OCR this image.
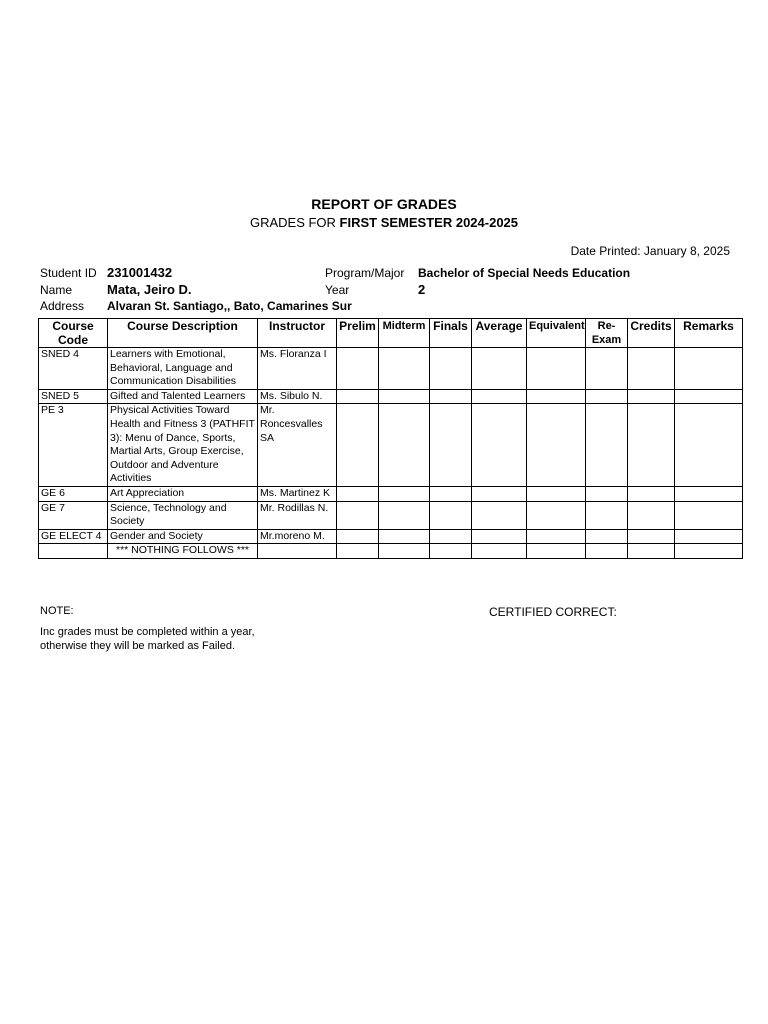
REPORT OF GRADES
GRADES FOR FIRST SEMESTER 2024-2025
Date Printed: January 8, 2025
Student ID 231001432
Name	Mata, Jeiro D.
Address Alvaran St. Santiago,, Bato, Camarines Sur
Program/Major Bachelor of Special Needs Education
Year	2
Course Code	Course Description	Instructor	Prelim	Midterm	Finals	Average	Equivalent	Re-Exam	Credits	Remarks
SNED 4	Learners with Emotional, Behavioral, Language and Communication Disabilities	Ms. Floranza I								
SNED 5	Gifted and Talented Learners	Ms. Sibulo N.								
PE 3	Physical Activities Toward Health and Fitness 3 (PATHFIT 3): Menu of Dance, Sports, Martial Arts, Group Exercise, Outdoor and Adventure Activities	Mr. Roncesvalles SA								
GE 6	Art Appreciation	Ms. Martinez K								
GE 7	Science, Technology and Society	Mr. Rodillas N.								
GE ELECT 4	Gender and Society	Mr.moreno M.								
	*** NOTHING FOLLOWS ***									
NOTE:	CERTIFIED CORRECT:
Inc grades must be completed within a year, otherwise they will be marked as Failed.
